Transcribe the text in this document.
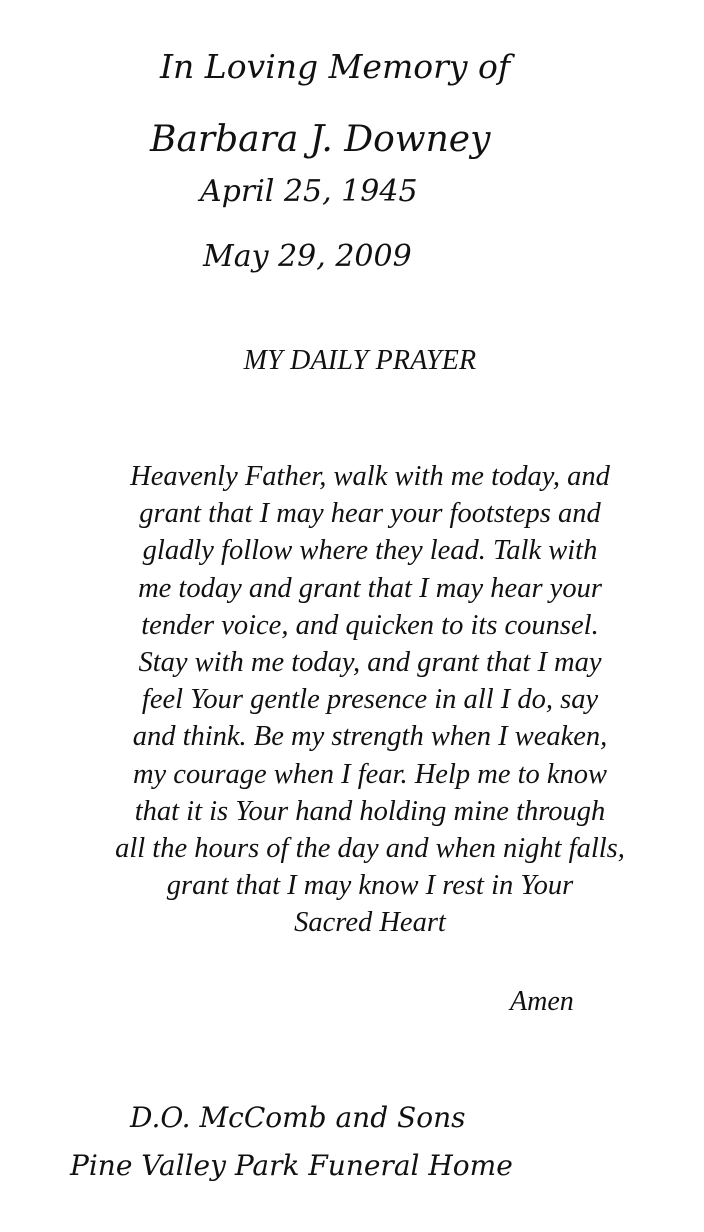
In Loving Memory of
Barbara J. Downey
April 25, 1945
May 29, 2009
MY DAILY PRAYER
Heavenly Father, walk with me today, and
grant that I may hear your footsteps and
gladly follow where they lead. Talk with
me today and grant that I may hear your
tender voice, and quicken to its counsel.
Stay with me today, and grant that I may
feel Your gentle presence in all I do, say
and think. Be my strength when I weaken,
my courage when I fear. Help me to know
that it is Your hand holding mine through
all the hours of the day and when night falls,
grant that I may know I rest in Your
Sacred Heart
Amen
D.O. McComb and Sons
Pine Valley Park Funeral Home
